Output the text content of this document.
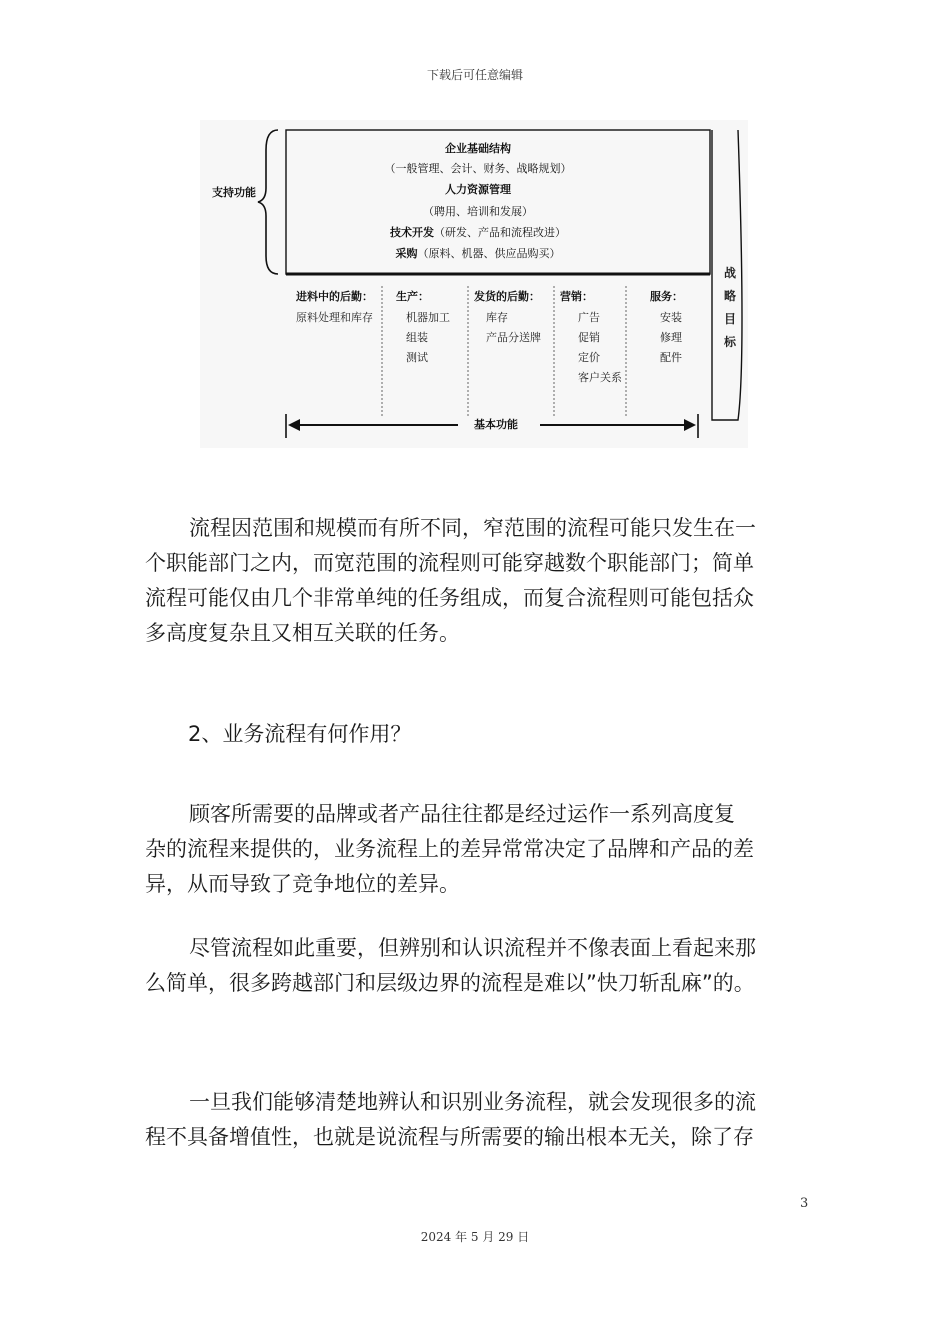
下载后可任意编辑
支持功能
企业基础结构
（一般管理、会计、财务、战略规划）
人力资源管理
（聘用、培训和发展）
技术开发（研发、产品和流程改进）
采购（原料、机器、供应品购买）
进料中的后勤：
原料处理和库存
生产：
机器加工
组装
测试
发货的后勤：
库存
产品分送牌
营销：
广告
促销
定价
客户关系
服务：
安装
修理
配件
基本功能
战
略
目
标
流程因范围和规模而有所不同，窄范围的流程可能只发生在一
个职能部门之内，而宽范围的流程则可能穿越数个职能部门；简单
流程可能仅由几个非常单纯的任务组成，而复合流程则可能包括众
多高度复杂且又相互关联的任务。
2、业务流程有何作用？
顾客所需要的品牌或者产品往往都是经过运作一系列高度复
杂的流程来提供的，业务流程上的差异常常决定了品牌和产品的差
异，从而导致了竞争地位的差异。
尽管流程如此重要，但辨别和认识流程并不像表面上看起来那
么简单，很多跨越部门和层级边界的流程是难以”快刀斩乱麻”的。
一旦我们能够清楚地辨认和识别业务流程，就会发现很多的流
程不具备增值性，也就是说流程与所需要的输出根本无关，除了存
3
2024 年 5 月 29 日
